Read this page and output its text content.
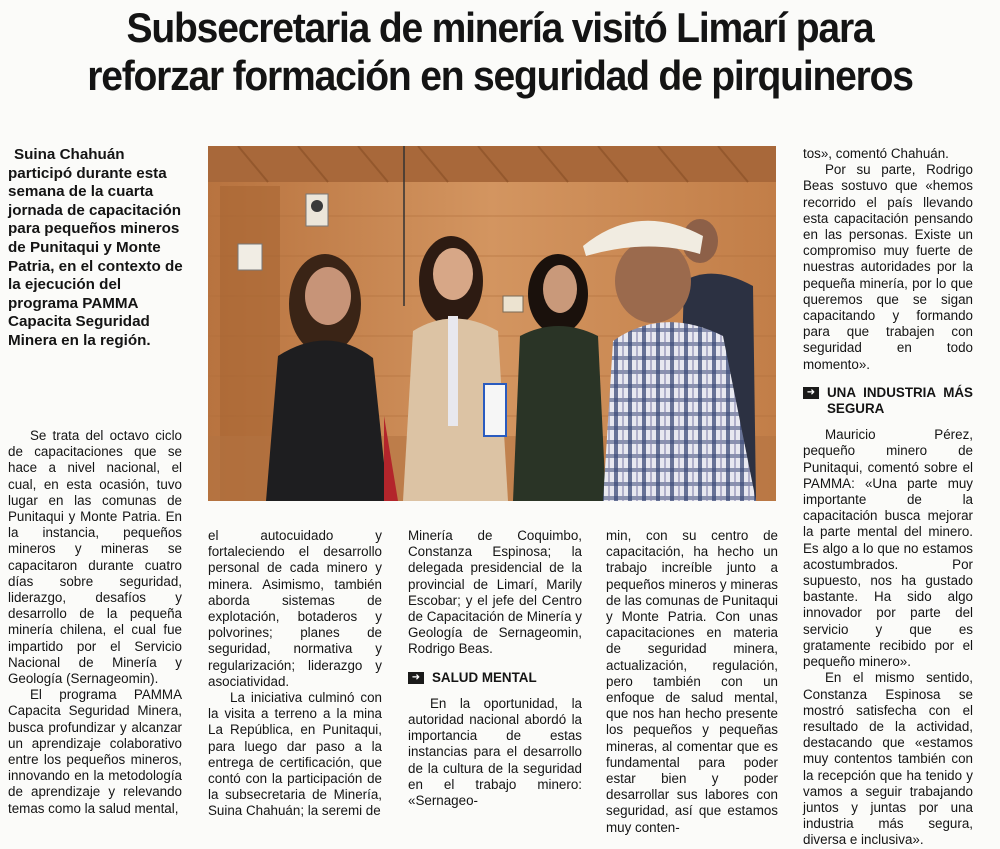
Subsecretaria de minería visitó Limarí para
reforzar formación en seguridad de pirquineros

Suina Chahuán participó durante esta semana de la cuarta jornada de capacitación para pequeños mineros de Punitaqui y Monte Patria, en el contexto de la ejecución del programa PAMMA Capacita Seguridad Minera en la región.

Se trata del octavo ciclo de capacitaciones que se hace a nivel nacional, el cual, en esta ocasión, tuvo lugar en las comunas de Punitaqui y Monte Patria. En la instancia, pequeños mineros y mineras se capacitaron durante cuatro días sobre seguridad, liderazgo, desafíos y desarrollo de la pequeña minería chilena, el cual fue impartido por el Servicio Nacional de Minería y Geología (Sernageomin).

El programa PAMMA Capacita Seguridad Minera, busca profundizar y alcanzar un aprendizaje colaborativo entre los pequeños mineros, innovando en la metodología de aprendizaje y relevando temas como la salud mental,

el autocuidado y fortaleciendo el desarrollo personal de cada minero y minera. Asimismo, también aborda sistemas de explotación, botaderos y polvorines; planes de seguridad, normativa y regularización; liderazgo y asociatividad.

La iniciativa culminó con la visita a terreno a la mina La República, en Punitaqui, para luego dar paso a la entrega de certificación, que contó con la participación de la subsecretaria de Minería, Suina Chahuán; la seremi de

Minería de Coquimbo, Constanza Espinosa; la delegada presidencial de la provincial de Limarí, Marily Escobar; y el jefe del Centro de Capacitación de Minería y Geología de Sernageomin, Rodrigo Beas.

➜ SALUD MENTAL

En la oportunidad, la autoridad nacional abordó la importancia de estas instancias para el desarrollo de la cultura de la seguridad en el trabajo minero: «Sernageo-

min, con su centro de capacitación, ha hecho un trabajo increíble junto a pequeños mineros y mineras de las comunas de Punitaqui y Monte Patria. Con unas capacitaciones en materia de seguridad minera, actualización, regulación, pero también con un enfoque de salud mental, que nos han hecho presente los pequeños y pequeñas mineras, al comentar que es fundamental para poder estar bien y poder desarrollar sus labores con seguridad, así que estamos muy conten-

tos», comentó Chahuán.

Por su parte, Rodrigo Beas sostuvo que «hemos recorrido el país llevando esta capacitación pensando en las personas. Existe un compromiso muy fuerte de nuestras autoridades por la pequeña minería, por lo que queremos que se sigan capacitando y formando para que trabajen con seguridad en todo momento».

➜ UNA INDUSTRIA MÁS SEGURA

Mauricio Pérez, pequeño minero de Punitaqui, comentó sobre el PAMMA: «Una parte muy importante de la capacitación busca mejorar la parte mental del minero. Es algo a lo que no estamos acostumbrados. Por supuesto, nos ha gustado bastante. Ha sido algo innovador por parte del servicio y que es gratamente recibido por el pequeño minero».

En el mismo sentido, Constanza Espinosa se mostró satisfecha con el resultado de la actividad, destacando que «estamos muy contentos también con la recepción que ha tenido y vamos a seguir trabajando juntos y juntas por una industria más segura, diversa e inclusiva».
